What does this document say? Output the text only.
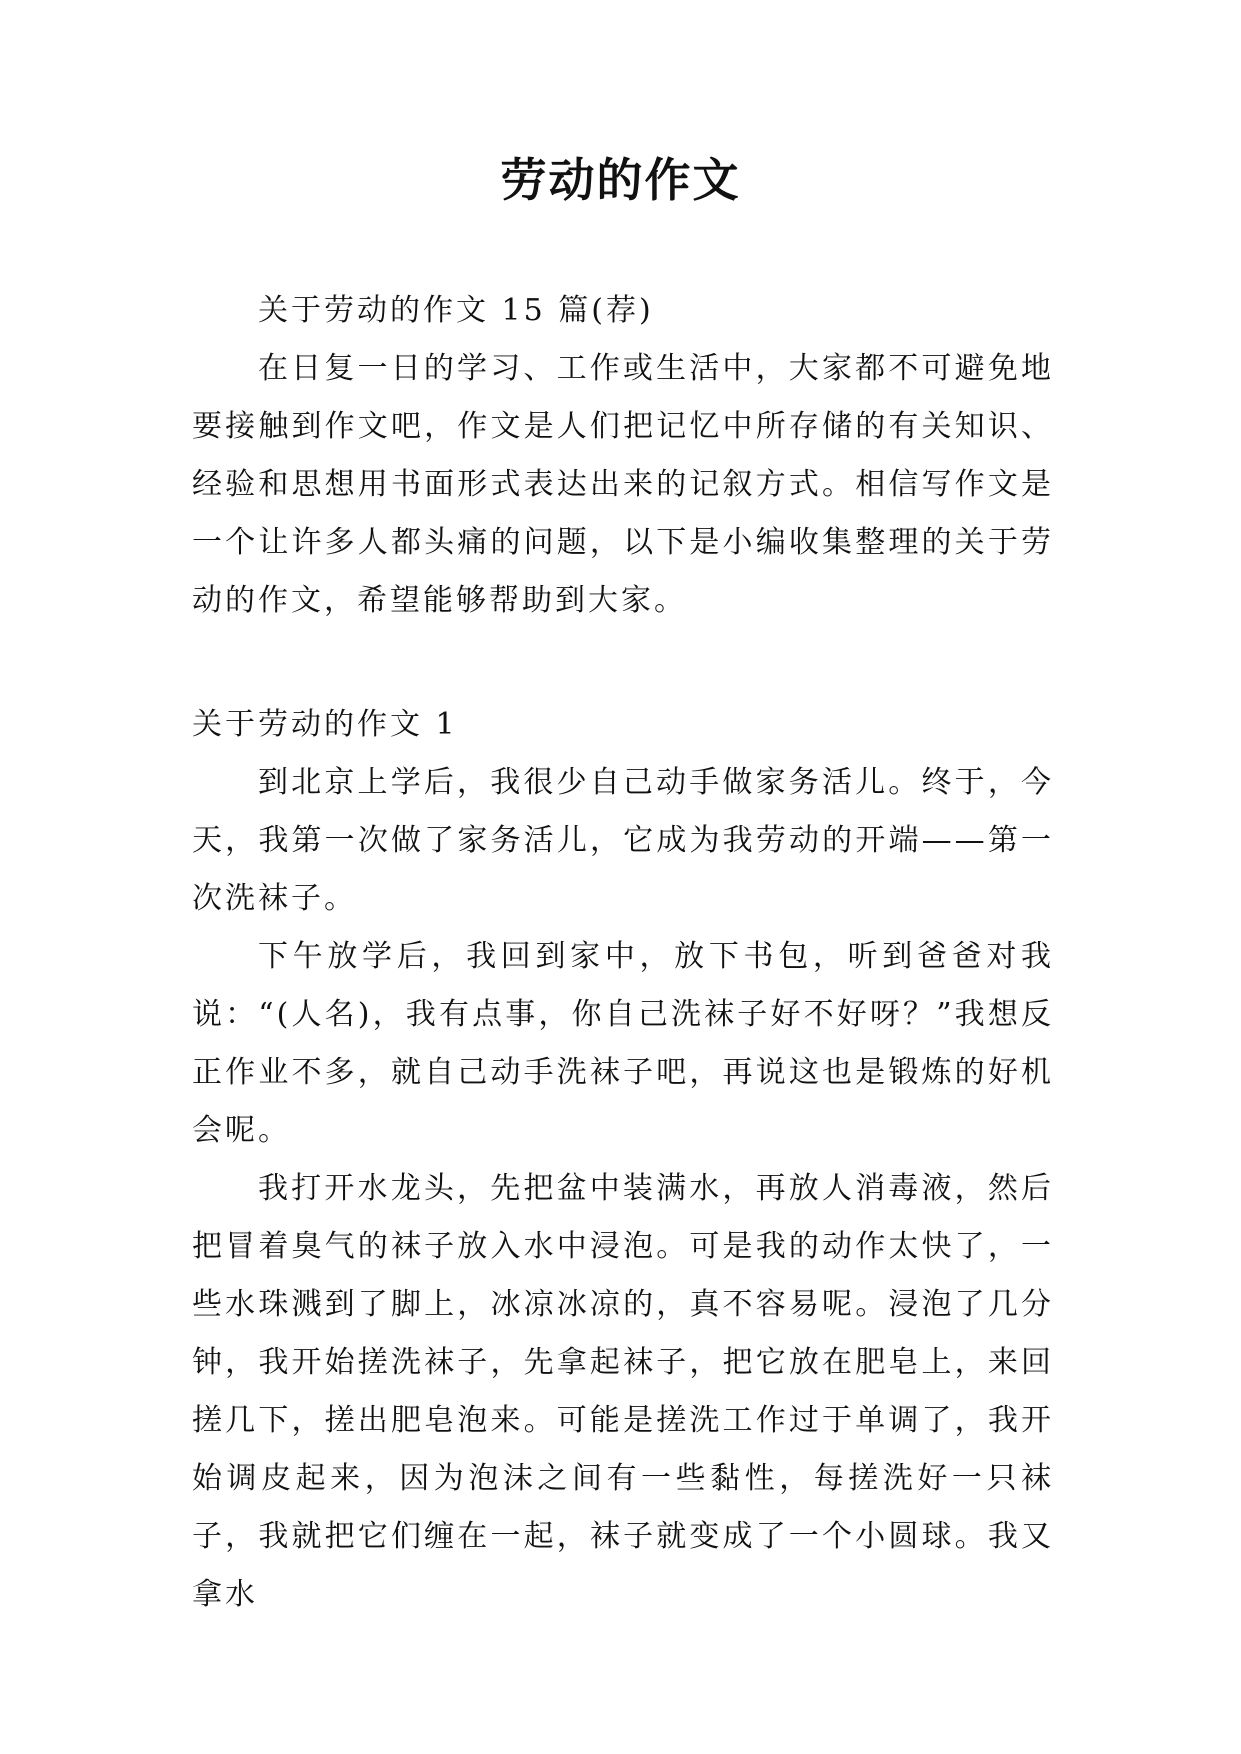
劳动的作文

关于劳动的作文 15 篇(荐)

在日复一日的学习、工作或生活中，大家都不可避免地要接触到作文吧，作文是人们把记忆中所存储的有关知识、经验和思想用书面形式表达出来的记叙方式。相信写作文是一个让许多人都头痛的问题，以下是小编收集整理的关于劳动的作文，希望能够帮助到大家。

关于劳动的作文 1

到北京上学后，我很少自己动手做家务活儿。终于，今天，我第一次做了家务活儿，它成为我劳动的开端——第一次洗袜子。

下午放学后，我回到家中，放下书包，听到爸爸对我说：“(人名)，我有点事，你自己洗袜子好不好呀？”我想反正作业不多，就自己动手洗袜子吧，再说这也是锻炼的好机会呢。

我打开水龙头，先把盆中装满水，再放人消毒液，然后把冒着臭气的袜子放入水中浸泡。可是我的动作太快了，一些水珠溅到了脚上，冰凉冰凉的，真不容易呢。浸泡了几分钟，我开始搓洗袜子，先拿起袜子，把它放在肥皂上，来回搓几下，搓出肥皂泡来。可能是搓洗工作过于单调了，我开始调皮起来，因为泡沫之间有一些黏性，每搓洗好一只袜子，我就把它们缠在一起，袜子就变成了一个小圆球。我又拿水
